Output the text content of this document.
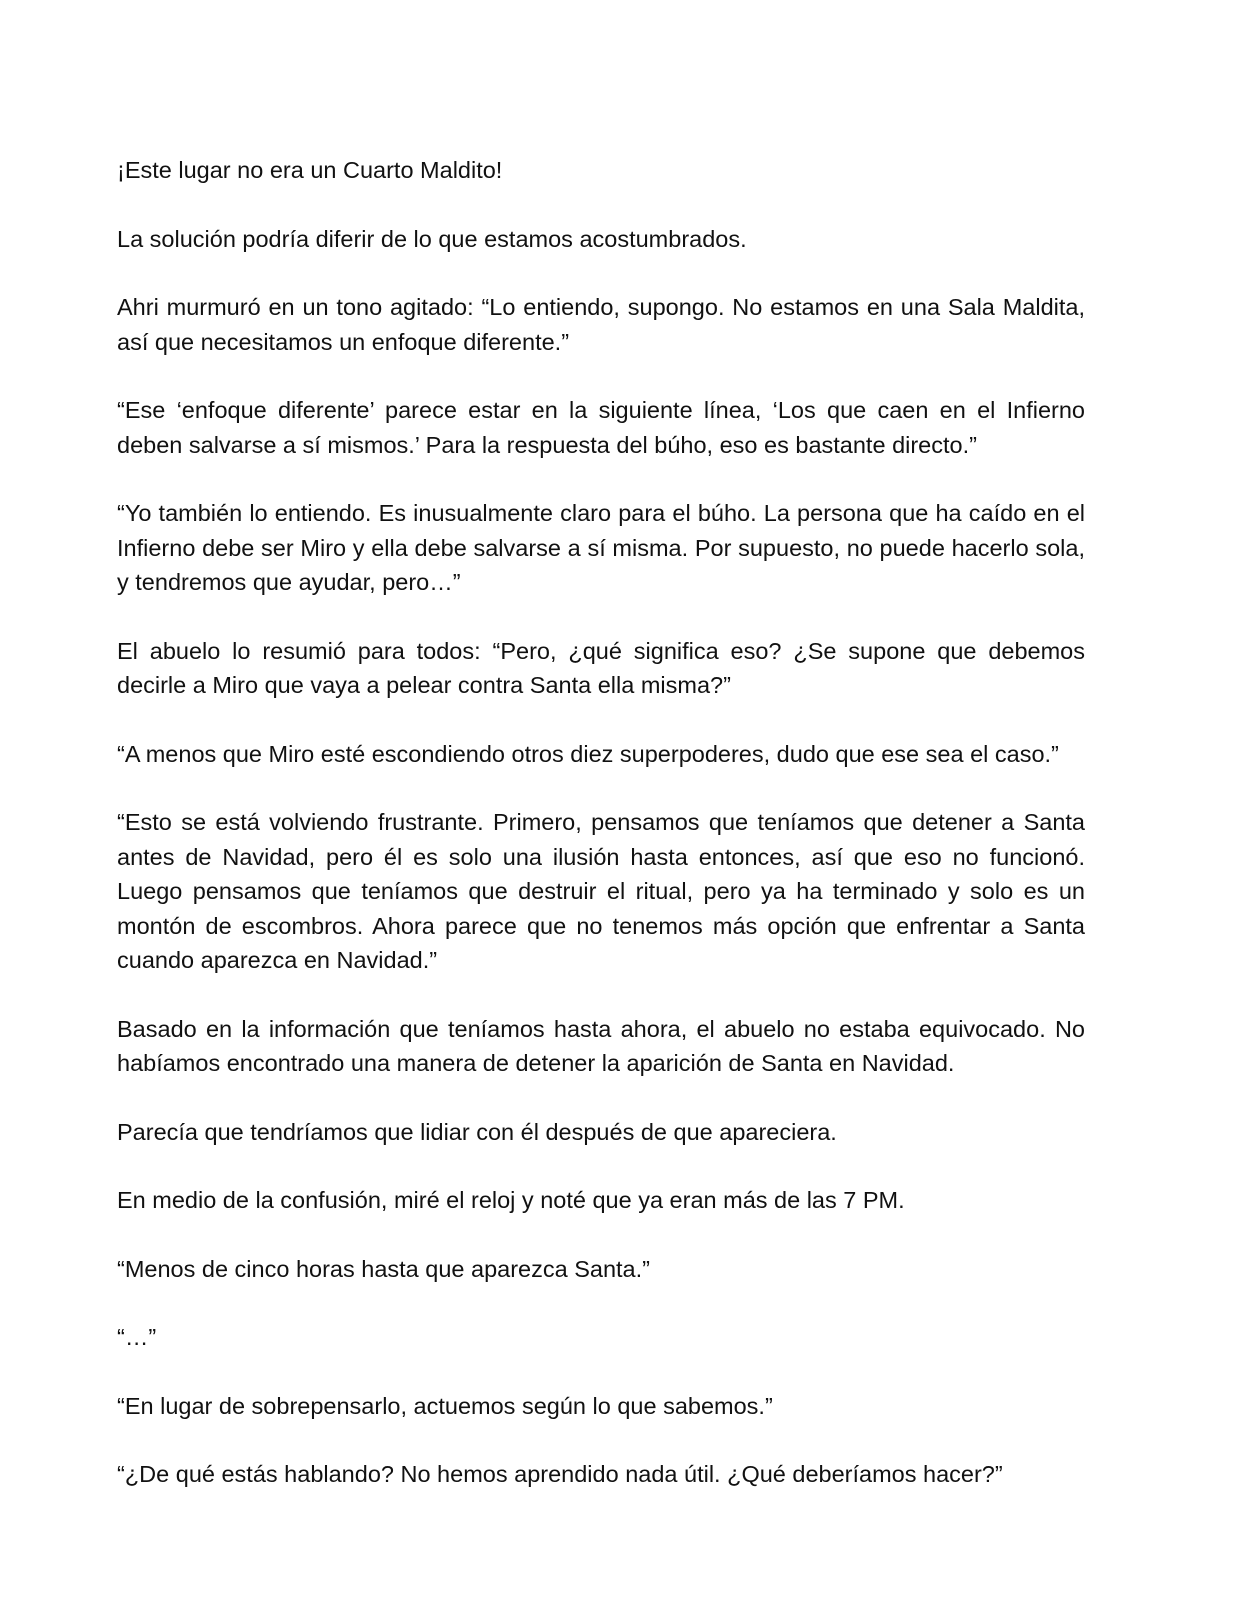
¡Este lugar no era un Cuarto Maldito!

La solución podría diferir de lo que estamos acostumbrados.

Ahri murmuró en un tono agitado: “Lo entiendo, supongo. No estamos en una Sala Maldita, así que necesitamos un enfoque diferente.”

“Ese ‘enfoque diferente’ parece estar en la siguiente línea, ‘Los que caen en el Infierno deben salvarse a sí mismos.’ Para la respuesta del búho, eso es bastante directo.”

“Yo también lo entiendo. Es inusualmente claro para el búho. La persona que ha caído en el Infierno debe ser Miro y ella debe salvarse a sí misma. Por supuesto, no puede hacerlo sola, y tendremos que ayudar, pero…”

El abuelo lo resumió para todos: “Pero, ¿qué significa eso? ¿Se supone que debemos decirle a Miro que vaya a pelear contra Santa ella misma?”

“A menos que Miro esté escondiendo otros diez superpoderes, dudo que ese sea el caso.”

“Esto se está volviendo frustrante. Primero, pensamos que teníamos que detener a Santa antes de Navidad, pero él es solo una ilusión hasta entonces, así que eso no funcionó. Luego pensamos que teníamos que destruir el ritual, pero ya ha terminado y solo es un montón de escombros. Ahora parece que no tenemos más opción que enfrentar a Santa cuando aparezca en Navidad.”

Basado en la información que teníamos hasta ahora, el abuelo no estaba equivocado. No habíamos encontrado una manera de detener la aparición de Santa en Navidad.

Parecía que tendríamos que lidiar con él después de que apareciera.

En medio de la confusión, miré el reloj y noté que ya eran más de las 7 PM.

“Menos de cinco horas hasta que aparezca Santa.”

“…”

“En lugar de sobrepensarlo, actuemos según lo que sabemos.”

“¿De qué estás hablando? No hemos aprendido nada útil. ¿Qué deberíamos hacer?”
